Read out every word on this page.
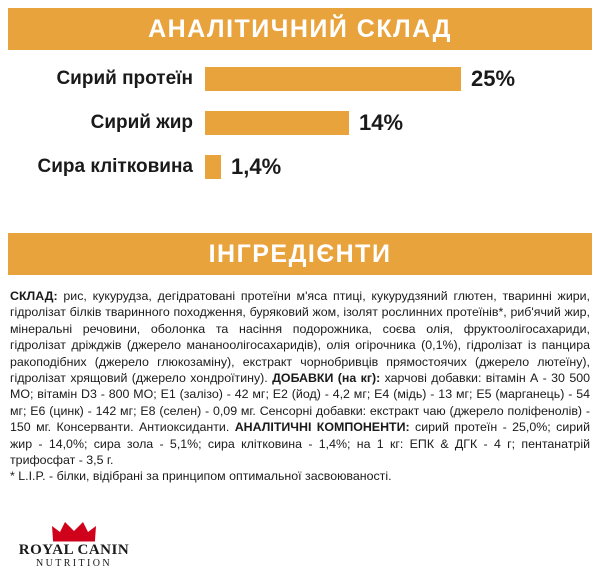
АНАЛІТИЧНИЙ СКЛАД
Сирий протеїн	25%
Сирий жир	14%
Сира клітковина	1,4%
ІНГРЕДІЄНТИ
СКЛАД: рис, кукурудза, дегідратовані протеїни м'яса птиці, кукурудзяний глютен, тваринні жири, гідролізат білків тваринного походження, буряковий жом, ізолят рослинних протеїнів*, риб'ячий жир, мінеральні речовини, оболонка та насіння подорожника, соєва олія, фруктоолігосахариди, гідролізат дріжджів (джерело мананоолігосахаридів), олія огірочника (0,1%), гідролізат із панцира ракоподібних (джерело глюкозаміну), екстракт чорнобривців прямостоячих (джерело лютеїну), гідролізат хрящовий (джерело хондроїтину). ДОБАВКИ (на кг): харчові добавки: вітамін А - 30 500 МО; вітамін D3 - 800 МО; Е1 (залізо) - 42 мг; Е2 (йод) - 4,2 мг; Е4 (мідь) - 13 мг; Е5 (марганець) - 54 мг; Е6 (цинк) - 142 мг; Е8 (селен) - 0,09 мг. Сенсорні добавки: екстракт чаю (джерело поліфенолів) - 150 мг. Консерванти. Антиоксиданти. АНАЛІТИЧНІ КОМПОНЕНТИ: сирий протеїн - 25,0%; сирий жир - 14,0%; сира зола - 5,1%; сира клітковина - 1,4%; на 1 кг: ЕПК & ДГК - 4 г; пентанатрій трифосфат - 3,5 г.
* L.I.P. - білки, відібрані за принципом оптимальної засвоюваності.
ROYAL CANIN
NUTRITION
